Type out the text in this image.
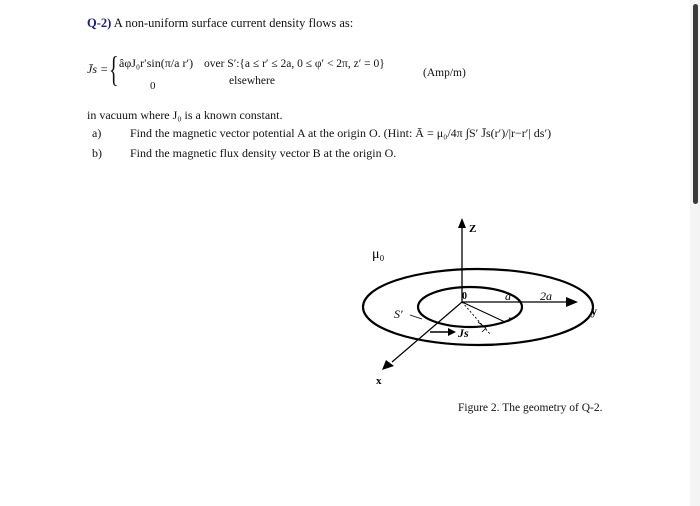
Q-2) A non-uniform surface current density flows as:
J̄s = { âφJ₀r′sin(π/a r′)
0
over S′:{a ≤ r′ ≤ 2a, 0 ≤ φ′ < 2π, z′ = 0}
elsewhere
(Amp/m)
in vacuum where J₀ is a known constant.
a) Find the magnetic vector potential A at the origin O. (Hint: Ā = μ₀/4π ∫S′ J̄s(r′)/|r−r′| ds′)
b) Find the magnetic flux density vector B at the origin O.
Z
μ₀
y
x
0	a 2a
S′	r
Js
Figure 2. The geometry of Q-2.
